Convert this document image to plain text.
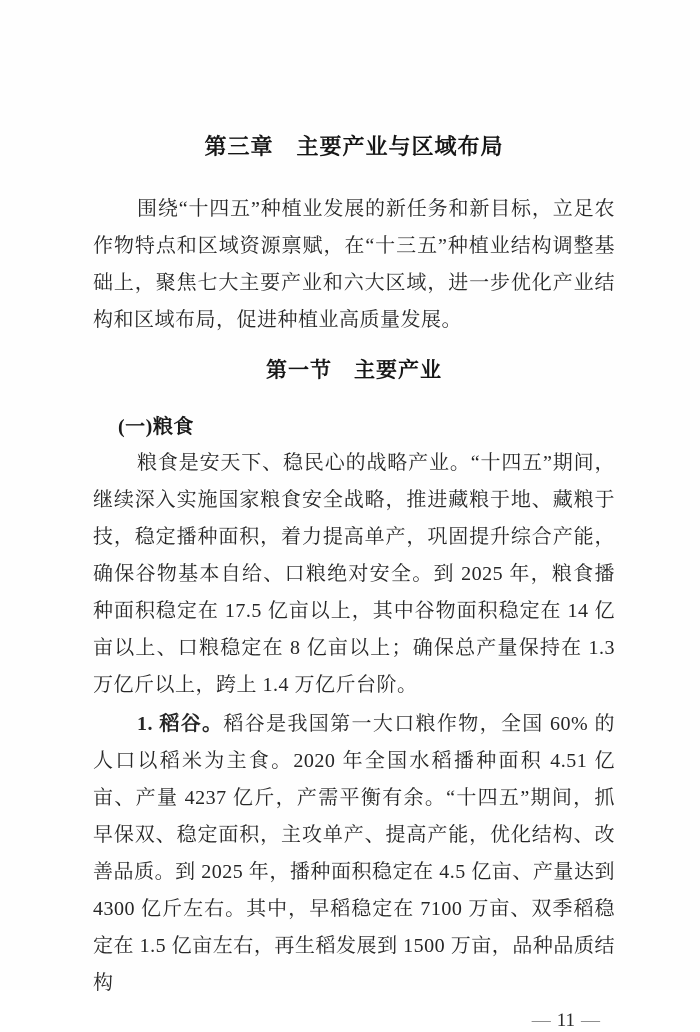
第三章　主要产业与区域布局

围绕“十四五”种植业发展的新任务和新目标，立足农作物特点和区域资源禀赋，在“十三五”种植业结构调整基础上，聚焦七大主要产业和六大区域，进一步优化产业结构和区域布局，促进种植业高质量发展。

第一节　主要产业
(一)粮食

粮食是安天下、稳民心的战略产业。“十四五”期间，继续深入实施国家粮食安全战略，推进藏粮于地、藏粮于技，稳定播种面积，着力提高单产，巩固提升综合产能，确保谷物基本自给、口粮绝对安全。到 2025 年，粮食播种面积稳定在 17.5 亿亩以上，其中谷物面积稳定在 14 亿亩以上、口粮稳定在 8 亿亩以上；确保总产量保持在 1.3 万亿斤以上，跨上 1.4 万亿斤台阶。

1. 稻谷。稻谷是我国第一大口粮作物，全国 60% 的人口以稻米为主食。2020 年全国水稻播种面积 4.51 亿亩、产量 4237 亿斤，产需平衡有余。“十四五”期间，抓早保双、稳定面积，主攻单产、提高产能，优化结构、改善品质。到 2025 年，播种面积稳定在 4.5 亿亩、产量达到 4300 亿斤左右。其中，早稻稳定在 7100 万亩、双季稻稳定在 1.5 亿亩左右，再生稻发展到 1500 万亩，品种品质结构

— 11 —
